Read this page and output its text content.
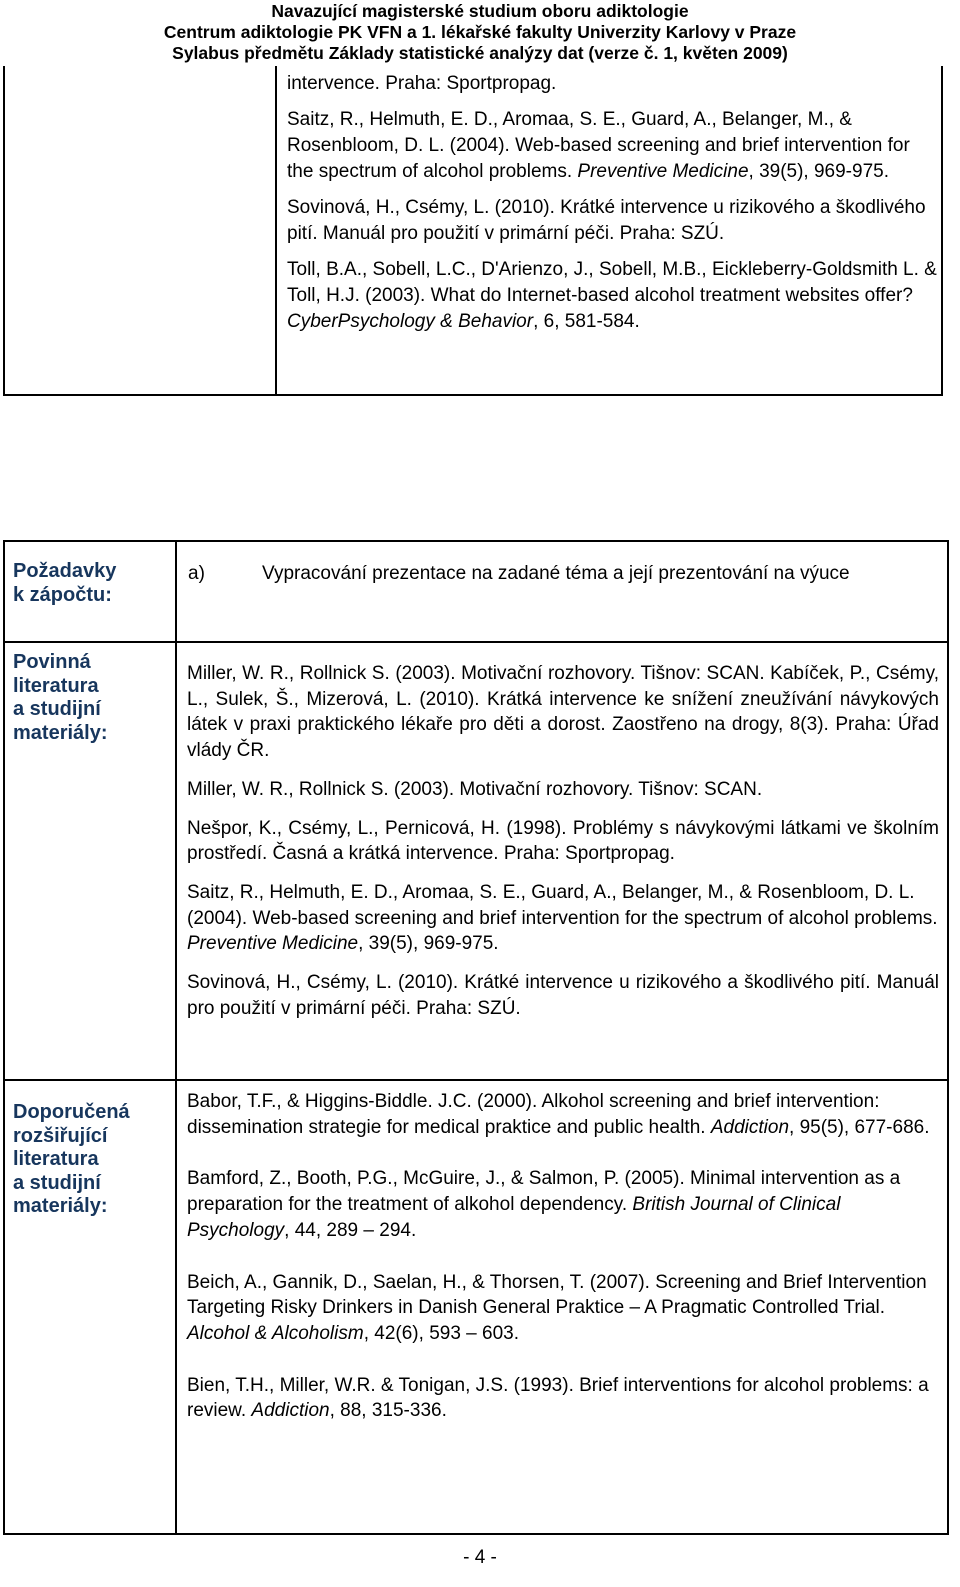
Navazující magisterské studium oboru adiktologie
Centrum adiktologie PK VFN a 1. lékařské fakulty Univerzity Karlovy v Praze
Sylabus předmětu Základy statistické analýzy dat (verze č. 1, květen 2009)

intervence. Praha: Sportpropag.

Saitz, R., Helmuth, E. D., Aromaa, S. E., Guard, A., Belanger, M., & Rosenbloom, D. L. (2004). Web-based screening and brief intervention for the spectrum of alcohol problems. Preventive Medicine, 39(5), 969-975.

Sovinová, H., Csémy, L. (2010). Krátké intervence u rizikového a škodlivého pití. Manuál pro použití v primární péči. Praha: SZÚ.

Toll, B.A., Sobell, L.C., D'Arienzo, J., Sobell, M.B., Eickleberry-Goldsmith L. & Toll, H.J. (2003). What do Internet-based alcohol treatment websites offer? CyberPsychology & Behavior, 6, 581-584.

Požadavky
k zápočtu:
a)	Vypracování prezentace na zadané téma a její prezentování na výuce
Povinná
literatura
a studijní
materiály:

Miller, W. R., Rollnick S. (2003). Motivační rozhovory. Tišnov: SCAN. Kabíček, P., Csémy, L., Sulek, Š., Mizerová, L. (2010). Krátká intervence ke snížení zneužívání návykových látek v praxi praktického lékaře pro děti a dorost. Zaostřeno na drogy, 8(3). Praha: Úřad vlády ČR.

Miller, W. R., Rollnick S. (2003). Motivační rozhovory. Tišnov: SCAN.

Nešpor, K., Csémy, L., Pernicová, H. (1998). Problémy s návykovými látkami ve školním prostředí. Časná a krátká intervence. Praha: Sportpropag.

Saitz, R., Helmuth, E. D., Aromaa, S. E., Guard, A., Belanger, M., & Rosenbloom, D. L. (2004). Web-based screening and brief intervention for the spectrum of alcohol problems. Preventive Medicine, 39(5), 969-975.

Sovinová, H., Csémy, L. (2010). Krátké intervence u rizikového a škodlivého pití. Manuál pro použití v primární péči. Praha: SZÚ.

Doporučená
rozšiřující
literatura
a studijní
materiály:

Babor, T.F., & Higgins-Biddle. J.C. (2000). Alkohol screening and brief intervention: dissemination strategie for medical praktice and public health. Addiction, 95(5), 677-686.

Bamford, Z., Booth, P.G., McGuire, J., & Salmon, P. (2005). Minimal intervention as a preparation for the treatment of alkohol dependency. British Journal of Clinical Psychology, 44, 289 – 294.

Beich, A., Gannik, D., Saelan, H., & Thorsen, T. (2007). Screening and Brief Intervention Targeting Risky Drinkers in Danish General Praktice – A Pragmatic Controlled Trial. Alcohol & Alcoholism, 42(6), 593 – 603.

Bien, T.H., Miller, W.R. & Tonigan, J.S. (1993). Brief interventions for alcohol problems: a review. Addiction, 88, 315-336.

- 4 -
